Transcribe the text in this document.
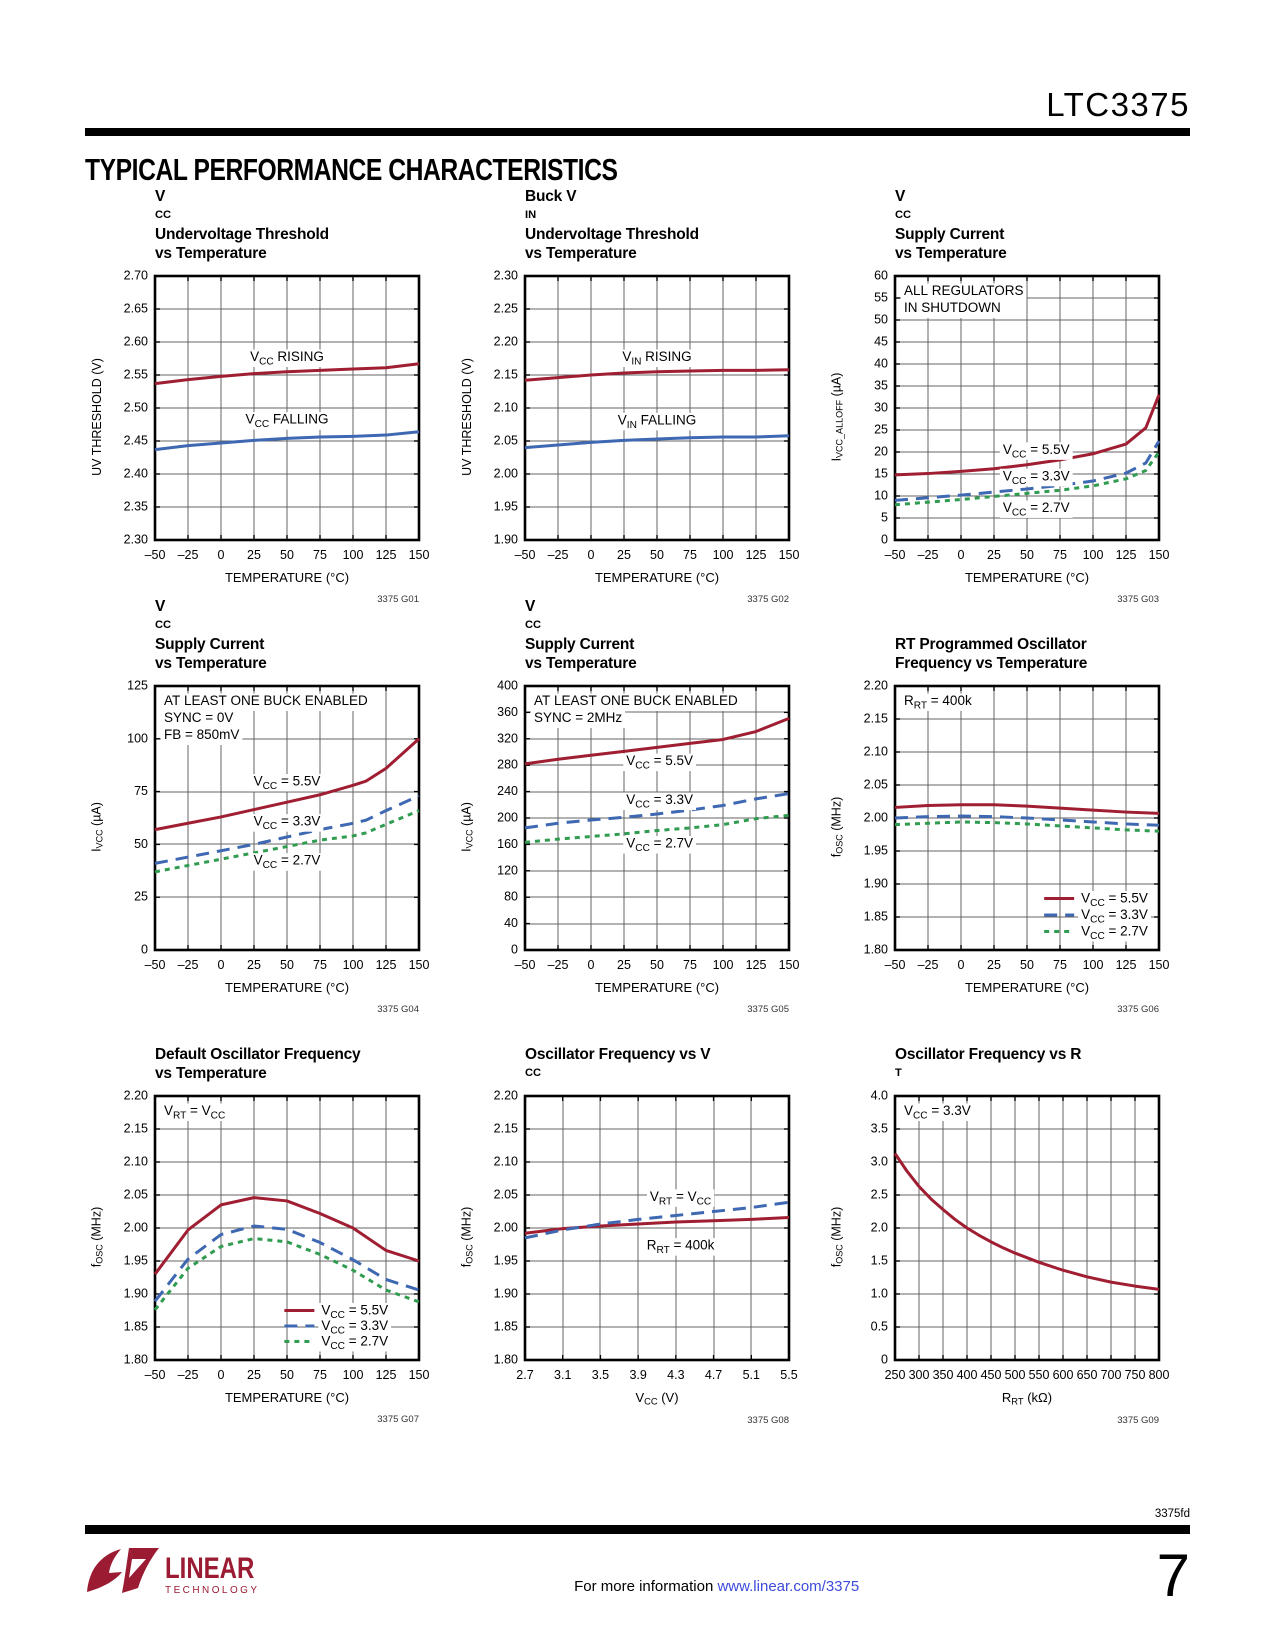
LTC3375
TYPICAL PERFORMANCE CHARACTERISTICS
V
CC
Undervoltage Threshold
vs Temperature
UV THRESHOLD (V)
TEMPERATURE (°C)
3375 G01
Buck V
IN
Undervoltage Threshold
vs Temperature
UV THRESHOLD (V)
TEMPERATURE (°C)
3375 G02
V
CC
Supply Current
vs Temperature
$I_{VCC\_ALLOFF}$ (µA)
TEMPERATURE (°C)
3375 G03
V
CC
Supply Current
vs Temperature
$I_{VCC}$ (µA)
TEMPERATURE (°C)
3375 G04
V
CC
Supply Current
vs Temperature
$I_{VCC}$ (µA)
TEMPERATURE (°C)
3375 G05
RT Programmed Oscillator
Frequency vs Temperature
$f_{OSC}$ (MHz)
TEMPERATURE (°C)
3375 G06
Default Oscillator Frequency
vs Temperature
$f_{OSC}$ (MHz)
TEMPERATURE (°C)
3375 G07
Oscillator Frequency vs V
CC
$f_{OSC}$ (MHz)
$V_{CC}$ (V)
3375 G08
Oscillator Frequency vs R
T
$f_{OSC}$ (MHz)
$R_{RT}$ (kΩ)
3375 G09
3375fd
LINEAR
TECHNOLOGY	For more information www.linear.com/3375	7
